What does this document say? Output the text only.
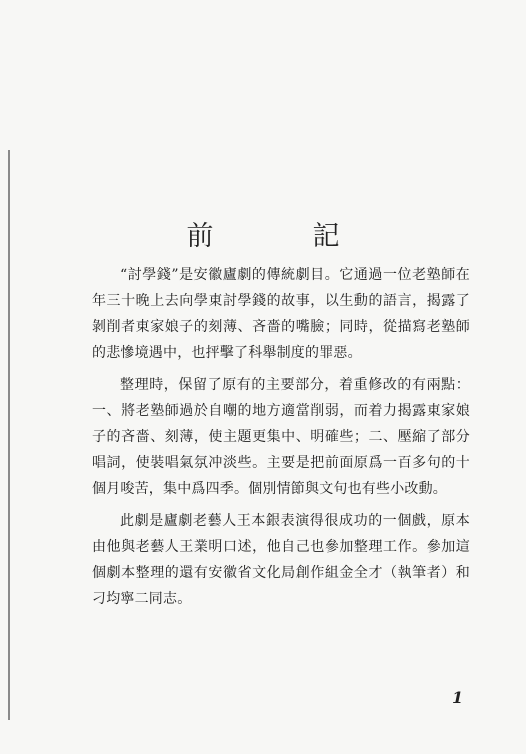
前　記

“討學錢”是安徽廬劇的傳統劇目。它通過一位老塾師在年三十晚上去向學東討學錢的故事，以生動的語言，揭露了剝削者東家娘子的刻薄、吝嗇的嘴臉；同時，從描寫老塾師的悲慘境遇中，也抨擊了科舉制度的罪惡。

整理時，保留了原有的主要部分，着重修改的有兩點：一、將老塾師過於自嘲的地方適當削弱，而着力揭露東家娘子的吝嗇、刻薄，使主題更集中、明確些；二、壓縮了部分唱詞，使裝唱氣氛冲淡些。主要是把前面原爲一百多句的十個月唆苦，集中爲四季。個別情節與文句也有些小改動。

此劇是廬劇老藝人王本銀表演得很成功的一個戲，原本由他與老藝人王業明口述，他自己也參加整理工作。參加這個劇本整理的還有安徽省文化局創作組金全才（執筆者）和刁均寧二同志。

1
